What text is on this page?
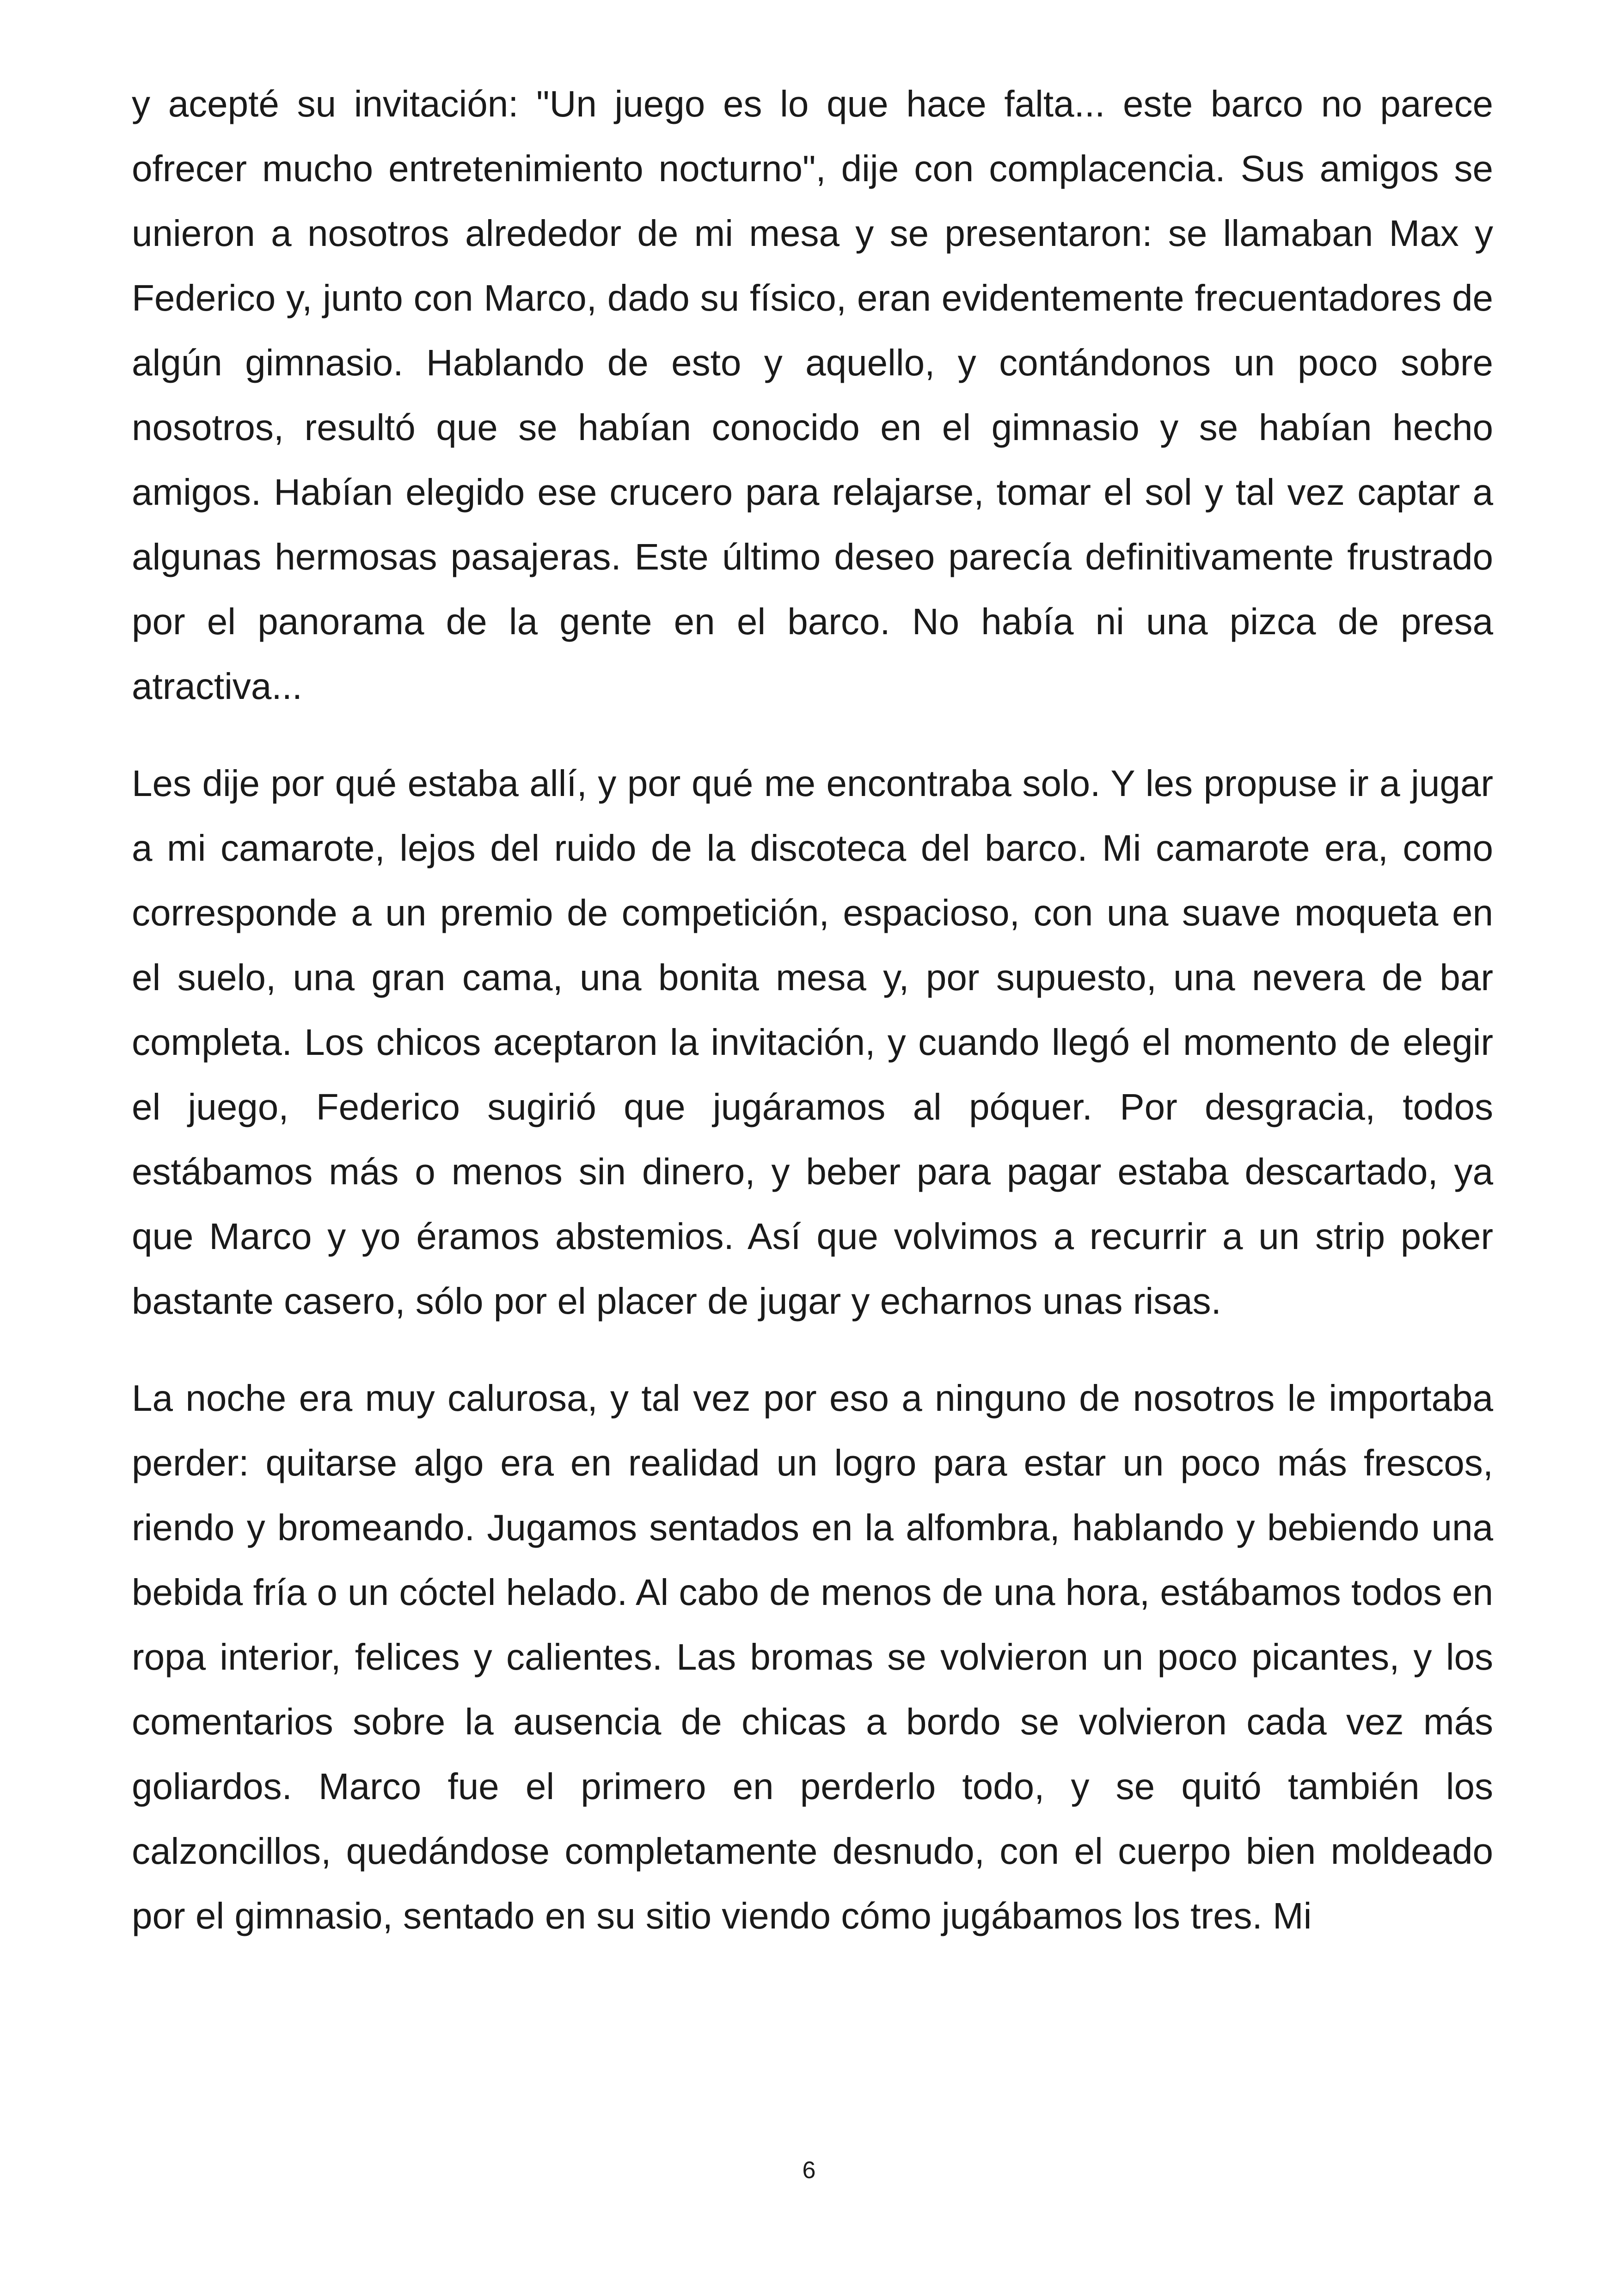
y acepté su invitación: "Un juego es lo que hace falta... este barco no parece ofrecer mucho entretenimiento nocturno", dije con complacencia. Sus amigos se unieron a nosotros alrededor de mi mesa y se presentaron: se llamaban Max y Federico y, junto con Marco, dado su físico, eran evidentemente frecuentadores de algún gimnasio. Hablando de esto y aquello, y contándonos un poco sobre nosotros, resultó que se habían conocido en el gimnasio y se habían hecho amigos. Habían elegido ese crucero para relajarse, tomar el sol y tal vez captar a algunas hermosas pasajeras. Este último deseo parecía definitivamente frustrado por el panorama de la gente en el barco. No había ni una pizca de presa atractiva...

Les dije por qué estaba allí, y por qué me encontraba solo. Y les propuse ir a jugar a mi camarote, lejos del ruido de la discoteca del barco. Mi camarote era, como corresponde a un premio de competición, espacioso, con una suave moqueta en el suelo, una gran cama, una bonita mesa y, por supuesto, una nevera de bar completa. Los chicos aceptaron la invitación, y cuando llegó el momento de elegir el juego, Federico sugirió que jugáramos al póquer. Por desgracia, todos estábamos más o menos sin dinero, y beber para pagar estaba descartado, ya que Marco y yo éramos abstemios. Así que volvimos a recurrir a un strip poker bastante casero, sólo por el placer de jugar y echarnos unas risas.

La noche era muy calurosa, y tal vez por eso a ninguno de nosotros le importaba perder: quitarse algo era en realidad un logro para estar un poco más frescos, riendo y bromeando. Jugamos sentados en la alfombra, hablando y bebiendo una bebida fría o un cóctel helado. Al cabo de menos de una hora, estábamos todos en ropa interior, felices y calientes. Las bromas se volvieron un poco picantes, y los comentarios sobre la ausencia de chicas a bordo se volvieron cada vez más goliardos. Marco fue el primero en perderlo todo, y se quitó también los calzoncillos, quedándose completamente desnudo, con el cuerpo bien moldeado por el gimnasio, sentado en su sitio viendo cómo jugábamos los tres. Mi

6
